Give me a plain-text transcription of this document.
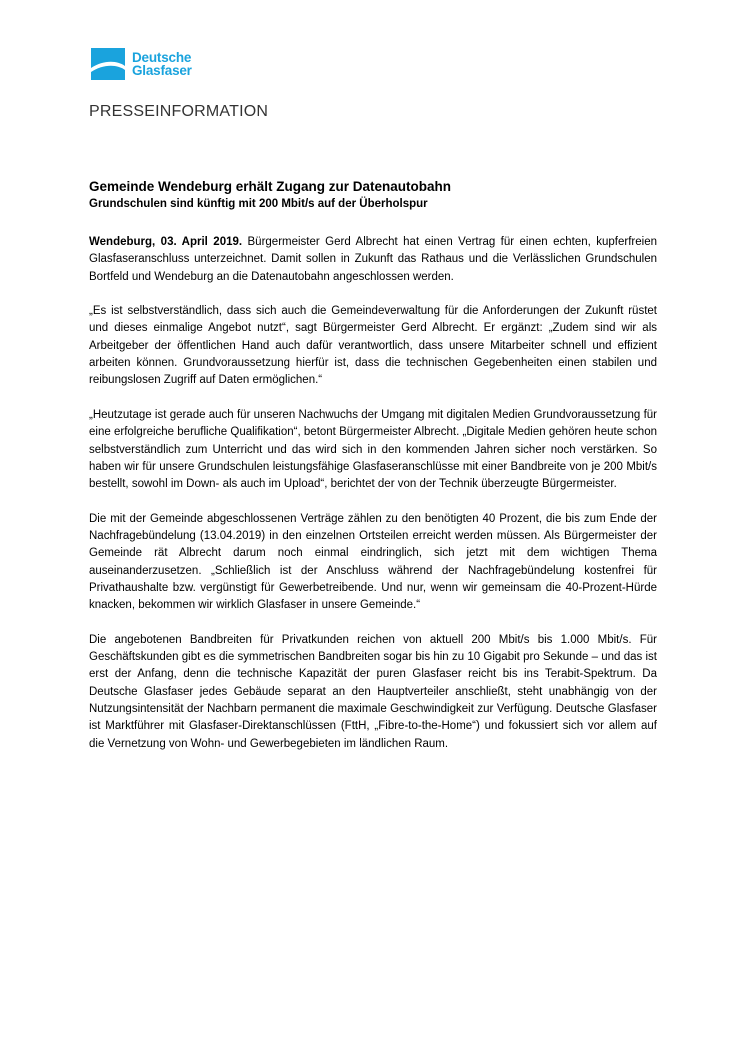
Deutsche
Glasfaser
PRESSEINFORMATION
Gemeinde Wendeburg erhält Zugang zur Datenautobahn
Grundschulen sind künftig mit 200 Mbit/s auf der Überholspur

Wendeburg, 03. April 2019. Bürgermeister Gerd Albrecht hat einen Vertrag für einen echten, kupferfreien Glasfaseranschluss unterzeichnet. Damit sollen in Zukunft das Rathaus und die Verlässlichen Grundschulen Bortfeld und Wendeburg an die Datenautobahn angeschlossen werden.

„Es ist selbstverständlich, dass sich auch die Gemeindeverwaltung für die Anforderungen der Zukunft rüstet und dieses einmalige Angebot nutzt“, sagt Bürgermeister Gerd Albrecht. Er ergänzt: „Zudem sind wir als Arbeitgeber der öffentlichen Hand auch dafür verantwortlich, dass unsere Mitarbeiter schnell und effizient arbeiten können. Grundvoraussetzung hierfür ist, dass die technischen Gegebenheiten einen stabilen und reibungslosen Zugriff auf Daten ermöglichen.“

„Heutzutage ist gerade auch für unseren Nachwuchs der Umgang mit digitalen Medien Grundvoraussetzung für eine erfolgreiche berufliche Qualifikation“, betont Bürgermeister Albrecht. „Digitale Medien gehören heute schon selbstverständlich zum Unterricht und das wird sich in den kommenden Jahren sicher noch verstärken. So haben wir für unsere Grundschulen leistungsfähige Glasfaseranschlüsse mit einer Bandbreite von je 200 Mbit/s bestellt, sowohl im Down- als auch im Upload“, berichtet der von der Technik überzeugte Bürgermeister.

Die mit der Gemeinde abgeschlossenen Verträge zählen zu den benötigten 40 Prozent, die bis zum Ende der Nachfragebündelung (13.04.2019) in den einzelnen Ortsteilen erreicht werden müssen. Als Bürgermeister der Gemeinde rät Albrecht darum noch einmal eindringlich, sich jetzt mit dem wichtigen Thema auseinanderzusetzen. „Schließlich ist der Anschluss während der Nachfragebündelung kostenfrei für Privathaushalte bzw. vergünstigt für Gewerbetreibende. Und nur, wenn wir gemeinsam die 40-Prozent-Hürde knacken, bekommen wir wirklich Glasfaser in unsere Gemeinde.“

Die angebotenen Bandbreiten für Privatkunden reichen von aktuell 200 Mbit/s bis 1.000 Mbit/s. Für Geschäftskunden gibt es die symmetrischen Bandbreiten sogar bis hin zu 10 Gigabit pro Sekunde – und das ist erst der Anfang, denn die technische Kapazität der puren Glasfaser reicht bis ins Terabit-Spektrum. Da Deutsche Glasfaser jedes Gebäude separat an den Hauptverteiler anschließt, steht unabhängig von der Nutzungsintensität der Nachbarn permanent die maximale Geschwindigkeit zur Verfügung. Deutsche Glasfaser ist Marktführer mit Glasfaser-Direktanschlüssen (FttH, „Fibre-to-the-Home“) und fokussiert sich vor allem auf die Vernetzung von Wohn- und Gewerbegebieten im ländlichen Raum.
